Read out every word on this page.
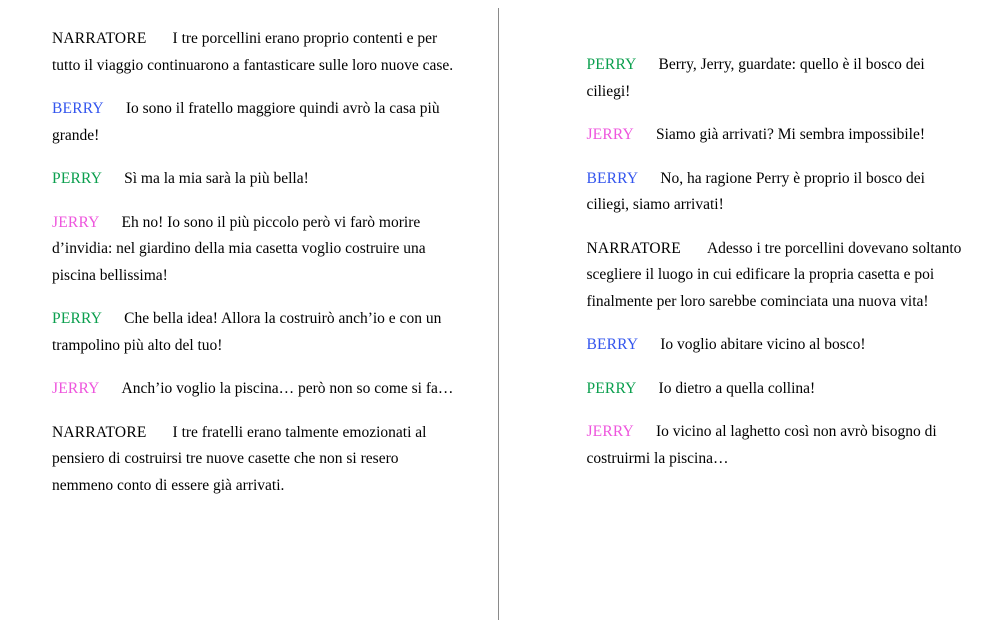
NARRATORE I tre porcellini erano proprio contenti e per tutto il viaggio continuarono a fantasticare sulle loro nuove case.

BERRY Io sono il fratello maggiore quindi avrò la casa più grande!

PERRY Sì ma la mia sarà la più bella!

JERRY Eh no! Io sono il più piccolo però vi farò morire d’invidia: nel giardino della mia casetta voglio costruire una piscina bellissima!

PERRY Che bella idea! Allora la costruirò anch’io e con un trampolino più alto del tuo!

JERRY Anch’io voglio la piscina… però non so come si fa…

NARRATORE I tre fratelli erano talmente emozionati al pensiero di costruirsi tre nuove casette che non si resero nemmeno conto di essere già arrivati.

PERRY Berry, Jerry, guardate: quello è il bosco dei ciliegi!

JERRY Siamo già arrivati? Mi sembra impossibile!

BERRY No, ha ragione Perry è proprio il bosco dei ciliegi, siamo arrivati!

NARRATORE Adesso i tre porcellini dovevano soltanto scegliere il luogo in cui edificare la propria casetta e poi finalmente per loro sarebbe cominciata una nuova vita!

BERRY Io voglio abitare vicino al bosco!

PERRY Io dietro a quella collina!

JERRY Io vicino al laghetto così non avrò bisogno di costruirmi la piscina…
